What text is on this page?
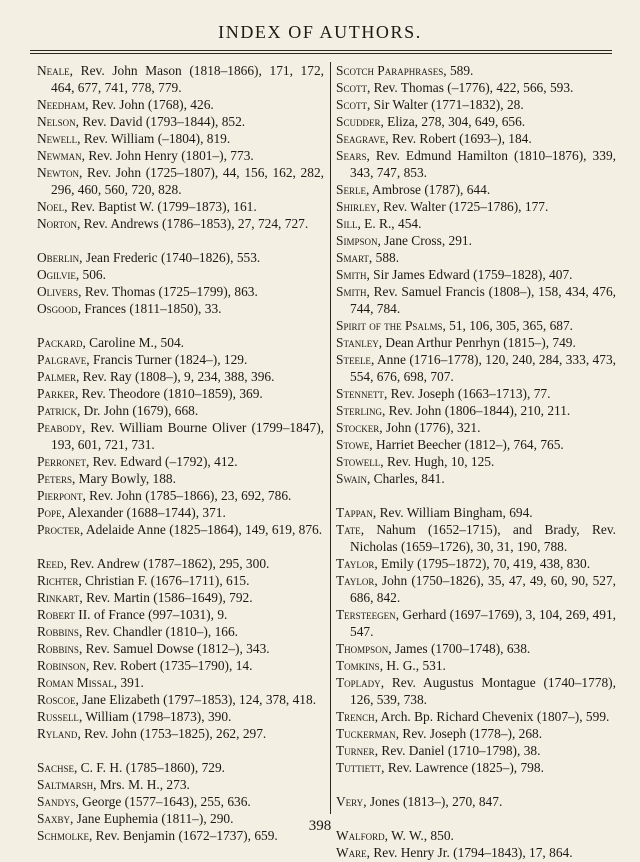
INDEX OF AUTHORS.

Neale, Rev. John Mason (1818–1866), 171, 172, 464, 677, 741, 778, 779.

Needham, Rev. John (1768), 426.

Nelson, Rev. David (1793–1844), 852.

Newell, Rev. William (–1804), 819.

Newman, Rev. John Henry (1801–), 773.

Newton, Rev. John (1725–1807), 44, 156, 162, 282, 296, 460, 560, 720, 828.

Noel, Rev. Baptist W. (1799–1873), 161.

Norton, Rev. Andrews (1786–1853), 27, 724, 727.

Oberlin, Jean Frederic (1740–1826), 553.

Ogilvie, 506.

Olivers, Rev. Thomas (1725–1799), 863.

Osgood, Frances (1811–1850), 33.

Packard, Caroline M., 504.

Palgrave, Francis Turner (1824–), 129.

Palmer, Rev. Ray (1808–), 9, 234, 388, 396.

Parker, Rev. Theodore (1810–1859), 369.

Patrick, Dr. John (1679), 668.

Peabody, Rev. William Bourne Oliver (1799–1847), 193, 601, 721, 731.

Perronet, Rev. Edward (–1792), 412.

Peters, Mary Bowly, 188.

Pierpont, Rev. John (1785–1866), 23, 692, 786.

Pope, Alexander (1688–1744), 371.

Procter, Adelaide Anne (1825–1864), 149, 619, 876.

Reed, Rev. Andrew (1787–1862), 295, 300.

Richter, Christian F. (1676–1711), 615.

Rinkart, Rev. Martin (1586–1649), 792.

Robert II. of France (997–1031), 9.

Robbins, Rev. Chandler (1810–), 166.

Robbins, Rev. Samuel Dowse (1812–), 343.

Robinson, Rev. Robert (1735–1790), 14.

Roman Missal, 391.

Roscoe, Jane Elizabeth (1797–1853), 124, 378, 418.

Russell, William (1798–1873), 390.

Ryland, Rev. John (1753–1825), 262, 297.

Sachse, C. F. H. (1785–1860), 729.

Saltmarsh, Mrs. M. H., 273.

Sandys, George (1577–1643), 255, 636.

Saxby, Jane Euphemia (1811–), 290.

Schmolke, Rev. Benjamin (1672–1737), 659.

Scotch Paraphrases, 589.

Scott, Rev. Thomas (–1776), 422, 566, 593.

Scott, Sir Walter (1771–1832), 28.

Scudder, Eliza, 278, 304, 649, 656.

Seagrave, Rev. Robert (1693–), 184.

Sears, Rev. Edmund Hamilton (1810–1876), 339, 343, 747, 853.

Serle, Ambrose (1787), 644.

Shirley, Rev. Walter (1725–1786), 177.

Sill, E. R., 454.

Simpson, Jane Cross, 291.

Smart, 588.

Smith, Sir James Edward (1759–1828), 407.

Smith, Rev. Samuel Francis (1808–), 158, 434, 476, 744, 784.

Spirit of the Psalms, 51, 106, 305, 365, 687.

Stanley, Dean Arthur Penrhyn (1815–), 749.

Steele, Anne (1716–1778), 120, 240, 284, 333, 473, 554, 676, 698, 707.

Stennett, Rev. Joseph (1663–1713), 77.

Sterling, Rev. John (1806–1844), 210, 211.

Stocker, John (1776), 321.

Stowe, Harriet Beecher (1812–), 764, 765.

Stowell, Rev. Hugh, 10, 125.

Swain, Charles, 841.

Tappan, Rev. William Bingham, 694.

Tate, Nahum (1652–1715), and Brady, Rev. Nicholas (1659–1726), 30, 31, 190, 788.

Taylor, Emily (1795–1872), 70, 419, 438, 830.

Taylor, John (1750–1826), 35, 47, 49, 60, 90, 527, 686, 842.

Tersteegen, Gerhard (1697–1769), 3, 104, 269, 491, 547.

Thompson, James (1700–1748), 638.

Tomkins, H. G., 531.

Toplady, Rev. Augustus Montague (1740–1778), 126, 539, 738.

Trench, Arch. Bp. Richard Chevenix (1807–), 599.

Tuckerman, Rev. Joseph (1778–), 268.

Turner, Rev. Daniel (1710–1798), 38.

Tuttiett, Rev. Lawrence (1825–), 798.

Very, Jones (1813–), 270, 847.

Walford, W. W., 850.

Ware, Rev. Henry Jr. (1794–1843), 17, 864.

398
